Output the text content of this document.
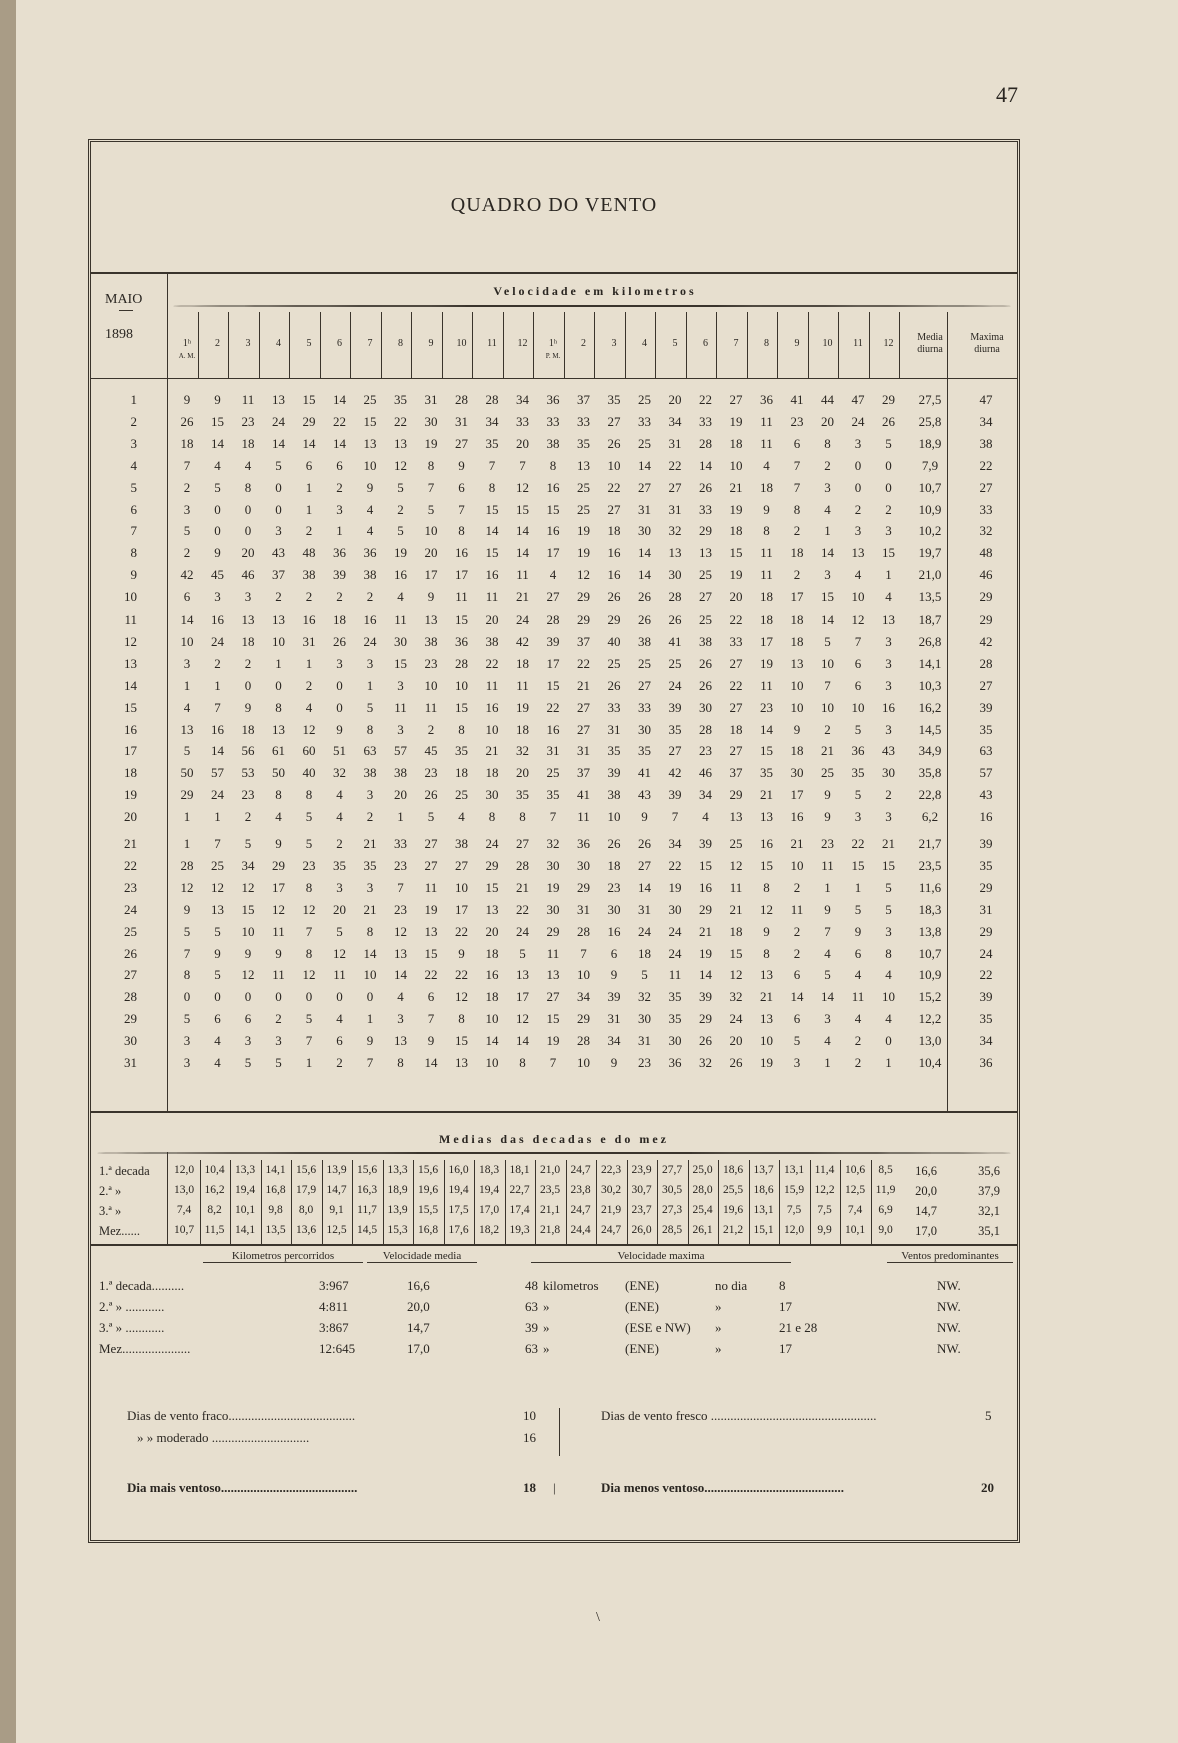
47
QUADRO DO VENTO
MAIO
1898
Velocidade em kilometros
1ʰ
A. M.
2	3	4	5	6	7	8	9	10	11	12	1ʰ
P. M.
2	3	4	5	6	7	8	9	10	11	12
Media diurna
Maxima diurna
1	9	9	11	13	15	14	25	35	31	28	28	34	36	37	35	25	20	22	27	36	41	44	47	29	27,5	47
2	26	15	23	24	29	22	15	22	30	31	34	33	33	33	27	33	34	33	19	11	23	20	24	26	25,8	34
3	18	14	18	14	14	14	13	13	19	27	35	20	38	35	26	25	31	28	18	11	6	8	3	5	18,9	38
4	7	4	4	5	6	6	10	12	8	9	7	7	8	13	10	14	22	14	10	4	7	2	0	0	7,9	22
5	2	5	8	0	1	2	9	5	7	6	8	12	16	25	22	27	27	26	21	18	7	3	0	0	10,7	27
6	3	0	0	0	1	3	4	2	5	7	15	15	15	25	27	31	31	33	19	9	8	4	2	2	10,9	33
7	5	0	0	3	2	1	4	5	10	8	14	14	16	19	18	30	32	29	18	8	2	1	3	3	10,2	32
8	2	9	20	43	48	36	36	19	20	16	15	14	17	19	16	14	13	13	15	11	18	14	13	15	19,7	48
9	42	45	46	37	38	39	38	16	17	17	16	11	4	12	16	14	30	25	19	11	2	3	4	1	21,0	46
10	6	3	3	2	2	2	2	4	9	11	11	21	27	29	26	26	28	27	20	18	17	15	10	4	13,5	29
11	14	16	13	13	16	18	16	11	13	15	20	24	28	29	29	26	26	25	22	18	18	14	12	13	18,7	29
12	10	24	18	10	31	26	24	30	38	36	38	42	39	37	40	38	41	38	33	17	18	5	7	3	26,8	42
13	3	2	2	1	1	3	3	15	23	28	22	18	17	22	25	25	25	26	27	19	13	10	6	3	14,1	28
14	1	1	0	0	2	0	1	3	10	10	11	11	15	21	26	27	24	26	22	11	10	7	6	3	10,3	27
15	4	7	9	8	4	0	5	11	11	15	16	19	22	27	33	33	39	30	27	23	10	10	10	16	16,2	39
16	13	16	18	13	12	9	8	3	2	8	10	18	16	27	31	30	35	28	18	14	9	2	5	3	14,5	35
17	5	14	56	61	60	51	63	57	45	35	21	32	31	31	35	35	27	23	27	15	18	21	36	43	34,9	63
18	50	57	53	50	40	32	38	38	23	18	18	20	25	37	39	41	42	46	37	35	30	25	35	30	35,8	57
19	29	24	23	8	8	4	3	20	26	25	30	35	35	41	38	43	39	34	29	21	17	9	5	2	22,8	43
20	1	1	2	4	5	4	2	1	5	4	8	8	7	11	10	9	7	4	13	13	16	9	3	3	6,2	16
21	1	7	5	9	5	2	21	33	27	38	24	27	32	36	26	26	34	39	25	16	21	23	22	21	21,7	39
22	28	25	34	29	23	35	35	23	27	27	29	28	30	30	18	27	22	15	12	15	10	11	15	15	23,5	35
23	12	12	12	17	8	3	3	7	11	10	15	21	19	29	23	14	19	16	11	8	2	1	1	5	11,6	29
24	9	13	15	12	12	20	21	23	19	17	13	22	30	31	30	31	30	29	21	12	11	9	5	5	18,3	31
25	5	5	10	11	7	5	8	12	13	22	20	24	29	28	16	24	24	21	18	9	2	7	9	3	13,8	29
26	7	9	9	9	8	12	14	13	15	9	18	5	11	7	6	18	24	19	15	8	2	4	6	8	10,7	24
27	8	5	12	11	12	11	10	14	22	22	16	13	13	10	9	5	11	14	12	13	6	5	4	4	10,9	22
28	0	0	0	0	0	0	0	4	6	12	18	17	27	34	39	32	35	39	32	21	14	14	11	10	15,2	39
29	5	6	6	2	5	4	1	3	7	8	10	12	15	29	31	30	35	29	24	13	6	3	4	4	12,2	35
30	3	4	3	3	7	6	9	13	9	15	14	14	19	28	34	31	30	26	20	10	5	4	2	0	13,0	34
31	3	4	5	5	1	2	7	8	14	13	10	8	7	10	9	23	36	32	26	19	3	1	2	1	10,4	36
Medias das decadas e do mez
1.ª decada	12,0 10,4 13,3 14,1 15,6 13,9 15,6 13,3 15,6 16,0 18,3 18,1 21,0 24,7 22,3 23,9 27,7 25,0 18,6 13,7 13,1 11,4 10,6	8,5	16,6	35,6
2.ª »	13,0 16,2 19,4 16,8 17,9 14,7 16,3 18,9 19,6 19,4 19,4 22,7 23,5 23,8 30,2 30,7 30,5 28,0 25,5 18,6 15,9 12,2 12,5 11,9	20,0	37,9
3.ª »	7,4	8,2	10,1	9,8	8,0	9,1	11,7 13,9 15,5 17,5 17,0 17,4 21,1 24,7 21,9 23,7 27,3 25,4 19,6 13,1	7,5	7,5	7,4	6,9	14,7	32,1
Mez......	10,7 11,5 14,1 13,5 13,6 12,5 14,5 15,3 16,8 17,6 18,2 19,3 21,8 24,4 24,7 26,0 28,5 26,1 21,2 15,1 12,0	9,9	10,1	9,0	17,0	35,1
Kilometros percorridos	Velocidade media	Velocidade maxima	Ventos predominantes
1.ª decada..........	3:967	16,6	48 kilometros (ENE)	no dia 8	NW.
2.ª » ............	4:811	20,0	63 »	(ENE)	»	17	NW.
3.ª » ............	3:867	14,7	39 »	(ESE e NW) »	21 e 28	NW.
Mez.....................	12:645	17,0	63 »	(ENE)	»	17	NW.
Dias de vento fraco.......................................	10	Dias de vento fresco ...................................................	5
» » moderado ..............................	16
Dia mais ventoso..........................................	18 |	Dia menos ventoso...........................................	20
\
